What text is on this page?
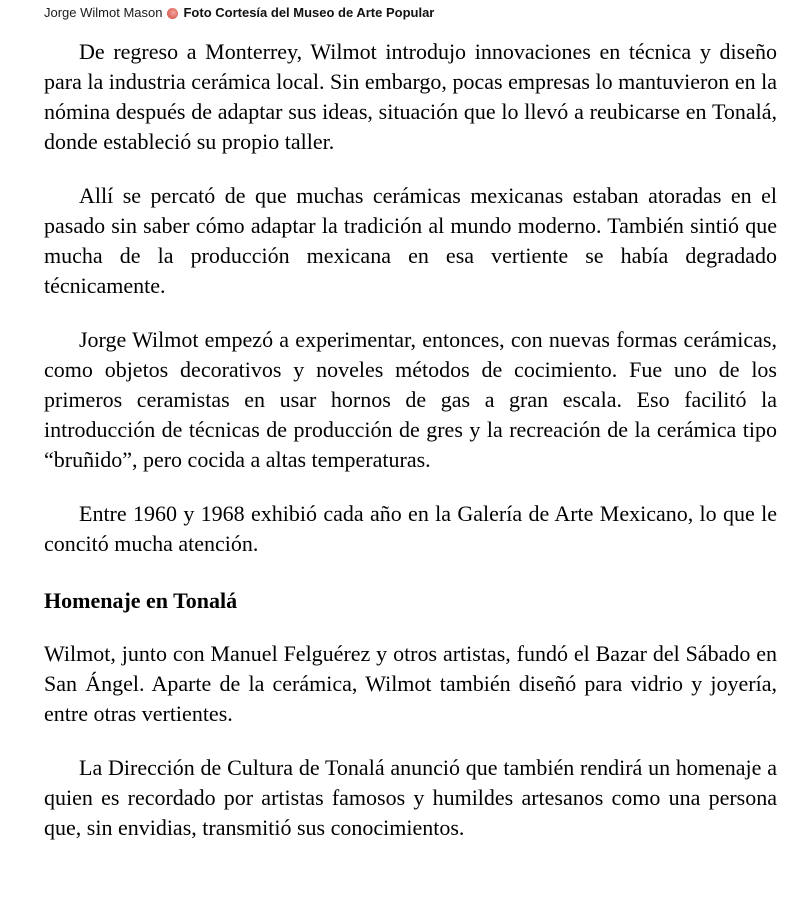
Jorge Wilmot Mason Foto Cortesía del Museo de Arte Popular

De regreso a Monterrey, Wilmot introdujo innovaciones en técnica y diseño para la industria cerámica local. Sin embargo, pocas empresas lo mantuvieron en la nómina después de adaptar sus ideas, situación que lo llevó a reubicarse en Tonalá, donde estableció su propio taller.

Allí se percató de que muchas cerámicas mexicanas estaban atoradas en el pasado sin saber cómo adaptar la tradición al mundo moderno. También sintió que mucha de la producción mexicana en esa vertiente se había degradado técnicamente.

Jorge Wilmot empezó a experimentar, entonces, con nuevas formas cerámicas, como objetos decorativos y noveles métodos de cocimiento. Fue uno de los primeros ceramistas en usar hornos de gas a gran escala. Eso facilitó la introducción de técnicas de producción de gres y la recreación de la cerámica tipo “bruñido”, pero cocida a altas temperaturas.

Entre 1960 y 1968 exhibió cada año en la Galería de Arte Mexicano, lo que le concitó mucha atención.

Homenaje en Tonalá

Wilmot, junto con Manuel Felguérez y otros artistas, fundó el Bazar del Sábado en San Ángel. Aparte de la cerámica, Wilmot también diseñó para vidrio y joyería, entre otras vertientes.

La Dirección de Cultura de Tonalá anunció que también rendirá un homenaje a quien es recordado por artistas famosos y humildes artesanos como una persona que, sin envidias, transmitió sus conocimientos.
